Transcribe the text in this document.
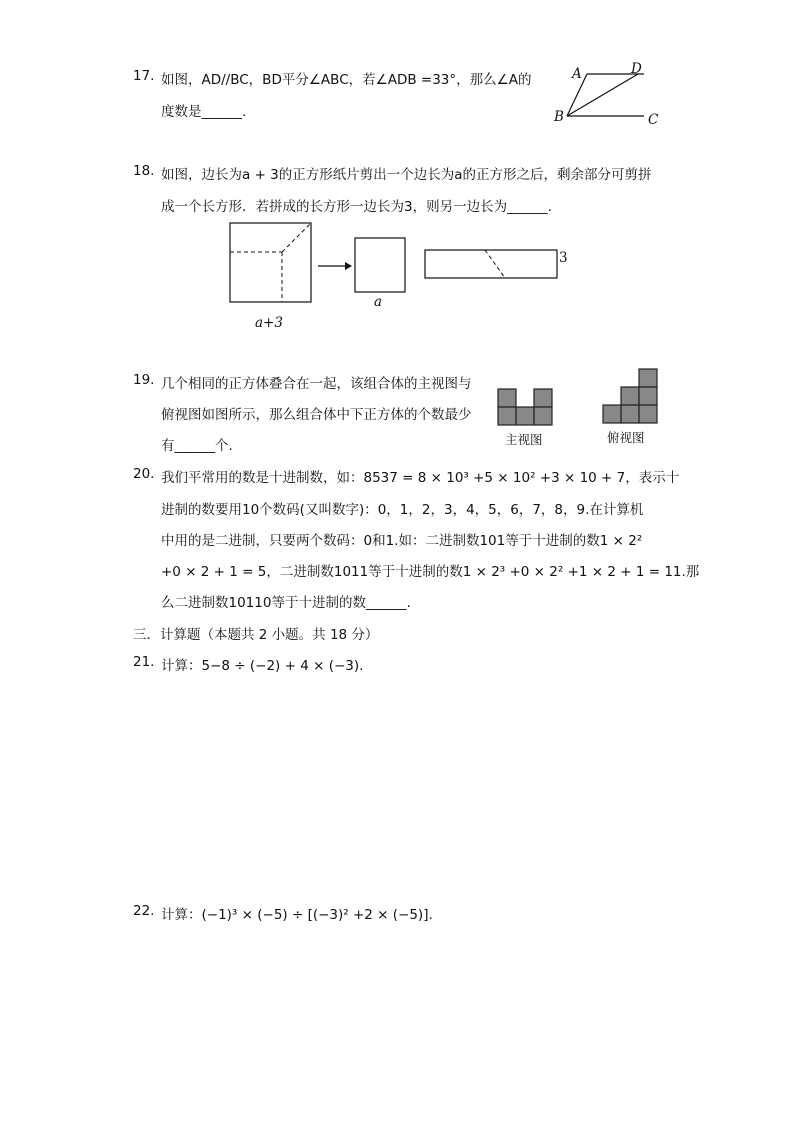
17. 如图，AD//BC，BD平分∠ABC，若∠ADB =33°，那么∠A的
度数是______.
A	D
B	C
18. 如图，边长为a + 3的正方形纸片剪出一个边长为a的正方形之后，剩余部分可剪拼
成一个长方形．若拼成的长方形一边长为3，则另一边长为______.
a+3
a
3
19. 几个相同的正方体叠合在一起，该组合体的主视图与
俯视图如图所示，那么组合体中下正方体的个数最少
有______个.	主视图	俯视图
20. 我们平常用的数是十进制数，如：8537 = 8 × 10³ +5 × 10² +3 × 10 + 7，表示十
进制的数要用10个数码(又叫数字)：0，1，2，3，4，5，6，7，8，9.在计算机
中用的是二进制，只要两个数码：0和1.如：二进制数101等于十进制的数1 × 2²
+0 × 2 + 1 = 5，二进制数1011等于十进制的数1 × 2³ +0 × 2² +1 × 2 + 1 = 11.那
么二进制数10110等于十进制的数______.
三．计算题（本题共 2 小题。共 18 分）
21. 计算：5−8 ÷ (−2) + 4 × (−3).
22. 计算：(−1)³ × (−5) ÷ [(−3)² +2 × (−5)].
